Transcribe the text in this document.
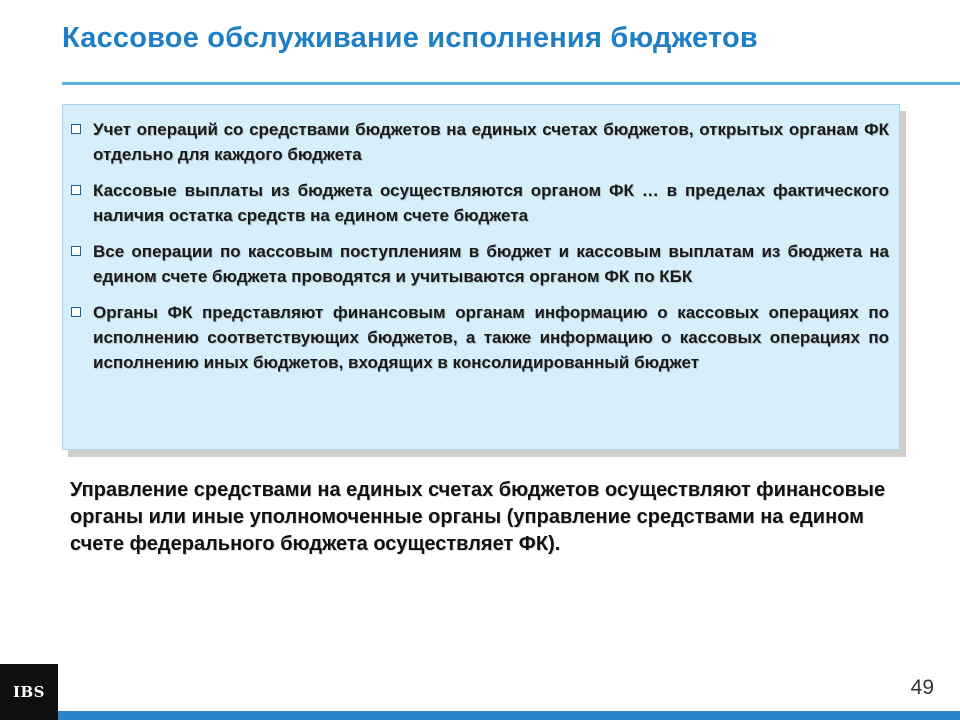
Кассовое обслуживание исполнения бюджетов
Учет операций со средствами бюджетов на единых счетах бюджетов, открытых органам ФК отдельно для каждого бюджета
Кассовые выплаты из бюджета осуществляются органом ФК … в пределах фактического наличия остатка средств на едином счете бюджета
Все операции по кассовым поступлениям в бюджет и кассовым выплатам из бюджета на едином счете бюджета проводятся и учитываются органом ФК по КБК
Органы ФК представляют финансовым органам информацию о кассовых операциях по исполнению соответствующих бюджетов, а также информацию о кассовых операциях по исполнению иных бюджетов, входящих в консолидированный бюджет
Управление средствами на единых счетах бюджетов осуществляют финансовые органы или иные уполномоченные органы (управление средствами на едином счете федерального бюджета осуществляет ФК).
IBS	49
